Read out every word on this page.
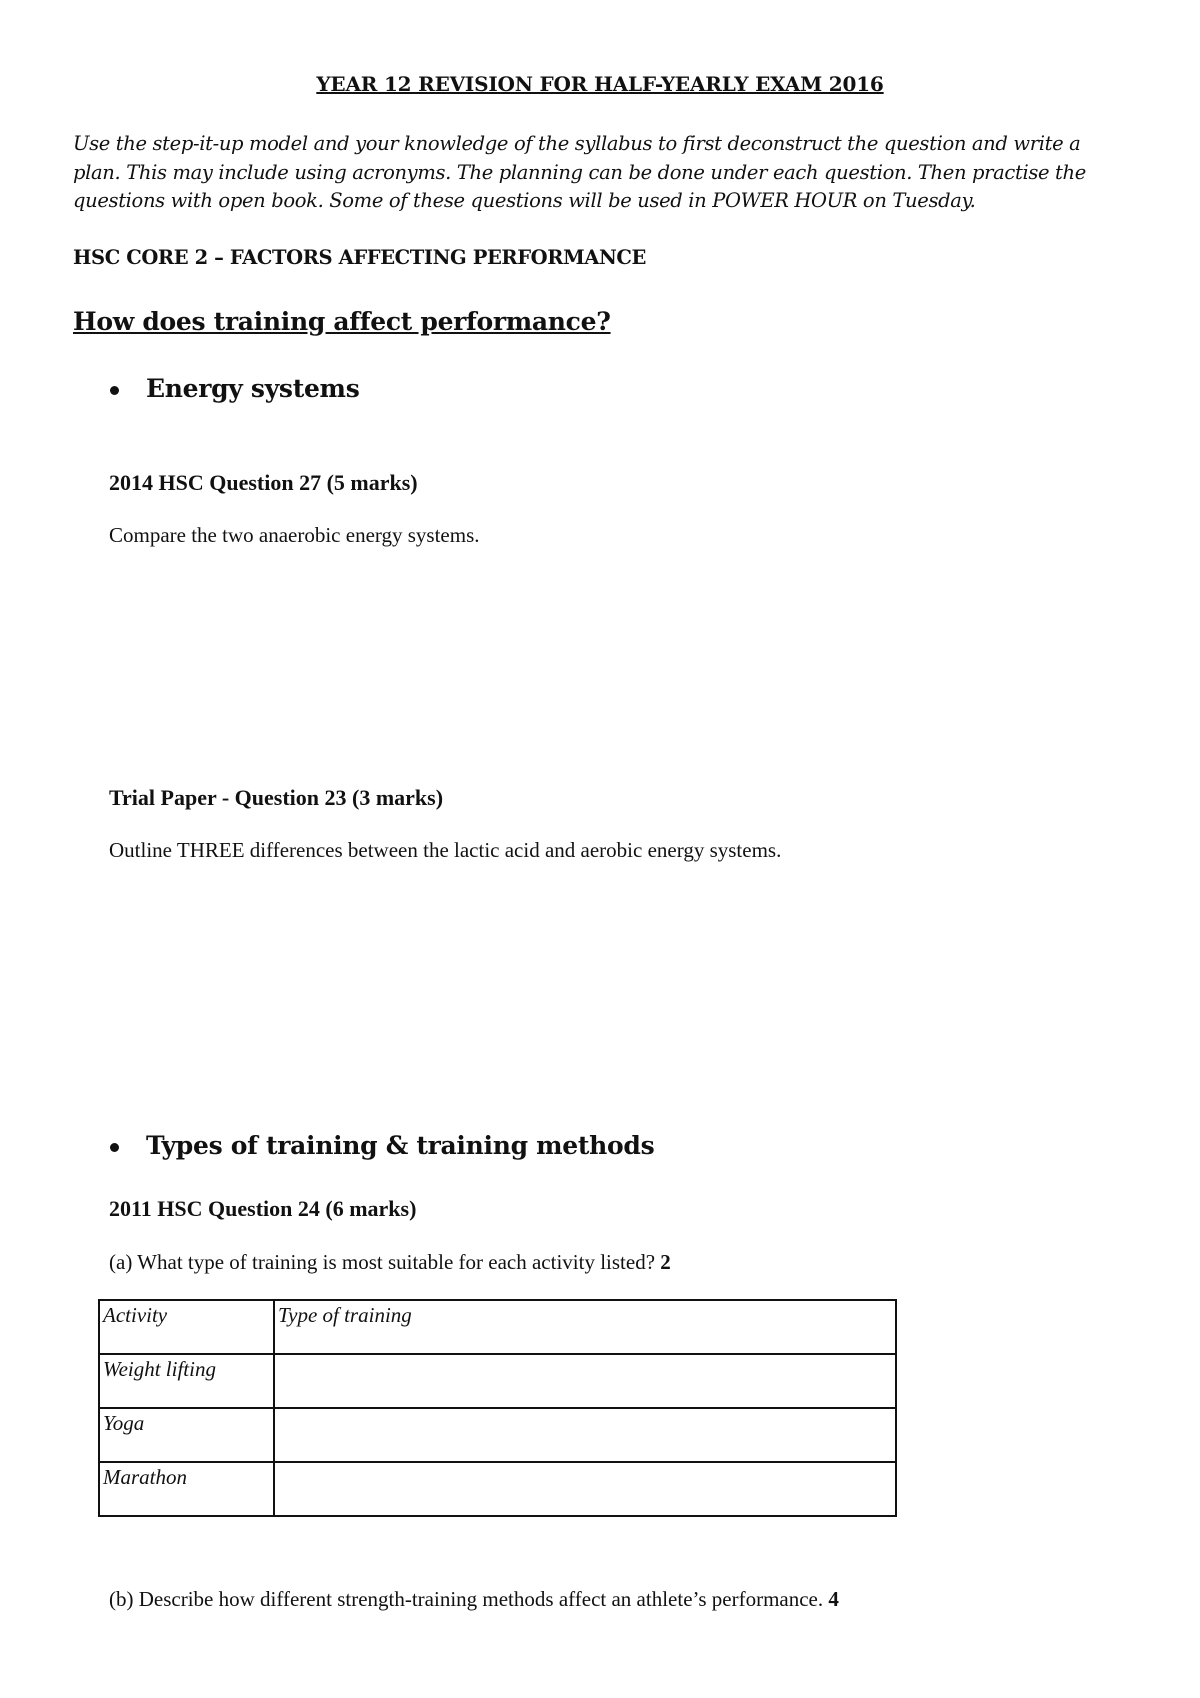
YEAR 12 REVISION FOR HALF-YEARLY EXAM 2016
Use the step-it-up model and your knowledge of the syllabus to first deconstruct the question and write a
plan. This may include using acronyms. The planning can be done under each question. Then practise the
questions with open book. Some of these questions will be used in POWER HOUR on Tuesday.
HSC CORE 2 – FACTORS AFFECTING PERFORMANCE
How does training affect performance?
Energy systems
2014 HSC Question 27 (5 marks)
Compare the two anaerobic energy systems.
Trial Paper - Question 23 (3 marks)
Outline THREE differences between the lactic acid and aerobic energy systems.
Types of training & training methods
2011 HSC Question 24 (6 marks)
(a) What type of training is most suitable for each activity listed? 2
Activity	Type of training
Weight lifting	
Yoga	
Marathon	
(b) Describe how different strength-training methods affect an athlete’s performance. 4
